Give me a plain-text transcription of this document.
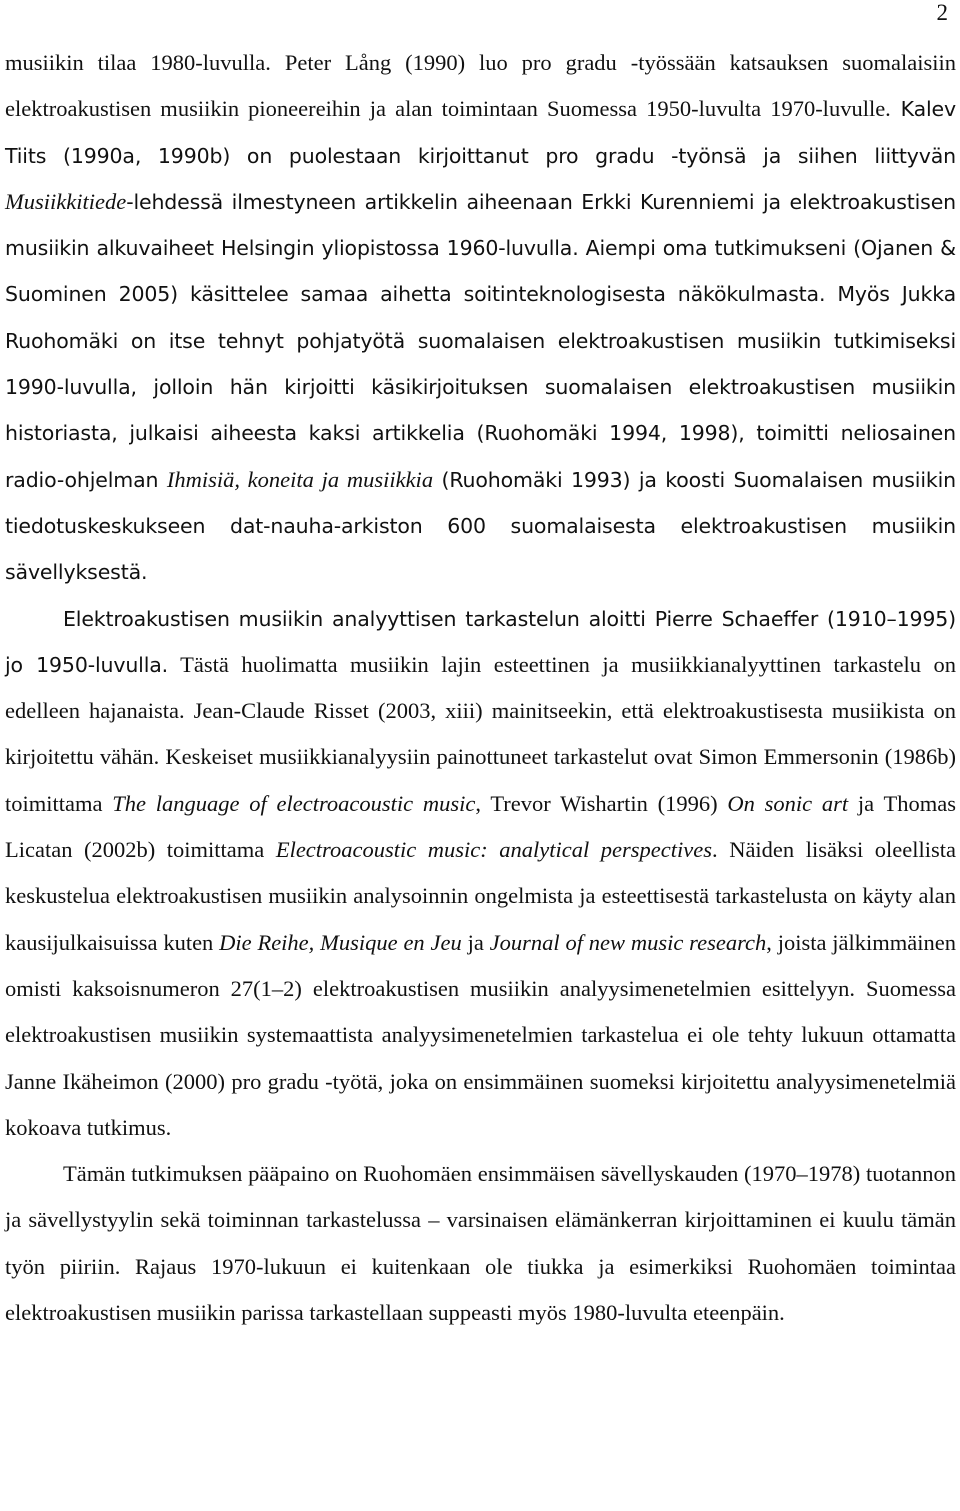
2

musiikin tilaa 1980-luvulla. Peter Lång (1990) luo pro gradu -työssään katsauksen suomalaisiin elektroakustisen musiikin pioneereihin ja alan toimintaan Suomessa 1950-luvulta 1970-luvulle. Kalev Tiits (1990a, 1990b) on puolestaan kirjoittanut pro gradu -työnsä ja siihen liittyvän Musiikkitiede-lehdessä ilmestyneen artikkelin aiheenaan Erkki Kurenniemi ja elektroakustisen musiikin alkuvaiheet Helsingin yliopistossa 1960-luvulla. Aiempi oma tutkimukseni (Ojanen & Suominen 2005) käsittelee samaa aihetta soitinteknologisesta näkökulmasta. Myös Jukka Ruohomäki on itse tehnyt pohjatyötä suomalaisen elektroakustisen musiikin tutkimiseksi 1990-luvulla, jolloin hän kirjoitti käsikirjoituksen suomalaisen elektroakustisen musiikin historiasta, julkaisi aiheesta kaksi artikkelia (Ruohomäki 1994, 1998), toimitti neliosainen radio-ohjelman Ihmisiä, koneita ja musiikkia (Ruohomäki 1993) ja koosti Suomalaisen musiikin tiedotuskeskukseen dat-nauha-arkiston 600 suomalaisesta elektroakustisen musiikin sävellyksestä.

Elektroakustisen musiikin analyyttisen tarkastelun aloitti Pierre Schaeffer (1910–1995) jo 1950-luvulla. Tästä huolimatta musiikin lajin esteettinen ja musiikkianalyyttinen tarkastelu on edelleen hajanaista. Jean-Claude Risset (2003, xiii) mainitseekin, että elektroakustisesta musiikista on kirjoitettu vähän. Keskeiset musiikkianalyysiin painottuneet tarkastelut ovat Simon Emmersonin (1986b) toimittama The language of electroacoustic music, Trevor Wishartin (1996) On sonic art ja Thomas Licatan (2002b) toimittama Electroacoustic music: analytical perspectives. Näiden lisäksi oleellista keskustelua elektroakustisen musiikin analysoinnin ongelmista ja esteettisestä tarkastelusta on käyty alan kausijulkaisuissa kuten Die Reihe, Musique en Jeu ja Journal of new music research, joista jälkimmäinen omisti kaksoisnumeron 27(1–2) elektroakustisen musiikin analyysimenetelmien esittelyyn. Suomessa elektroakustisen musiikin systemaattista analyysimenetelmien tarkastelua ei ole tehty lukuun ottamatta Janne Ikäheimon (2000) pro gradu -työtä, joka on ensimmäinen suomeksi kirjoitettu analyysimenetelmiä kokoava tutkimus.

Tämän tutkimuksen pääpaino on Ruohomäen ensimmäisen sävellyskauden (1970–1978) tuotannon ja sävellystyylin sekä toiminnan tarkastelussa – varsinaisen elämänkerran kirjoittaminen ei kuulu tämän työn piiriin. Rajaus 1970-lukuun ei kuitenkaan ole tiukka ja esimerkiksi Ruohomäen toimintaa elektroakustisen musiikin parissa tarkastellaan suppeasti myös 1980-luvulta eteenpäin.
